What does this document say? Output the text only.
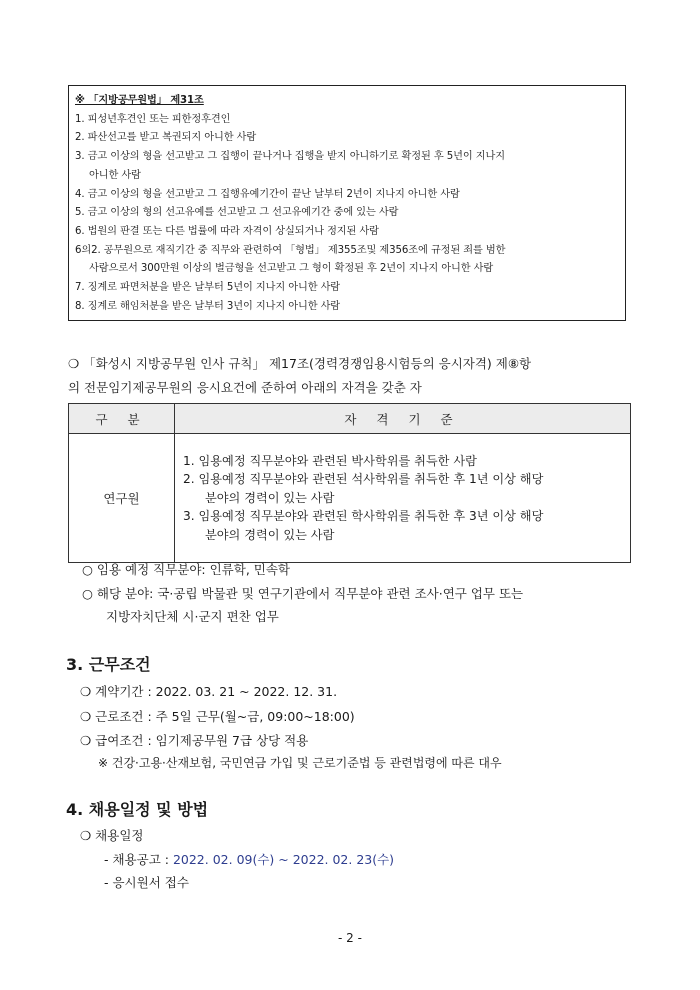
※ 「지방공무원법」 제31조
1. 피성년후견인 또는 피한정후견인
2. 파산선고를 받고 복권되지 아니한 사람
3. 금고 이상의 형을 선고받고 그 집행이 끝나거나 집행을 받지 아니하기로 확정된 후 5년이 지나지
아니한 사람
4. 금고 이상의 형을 선고받고 그 집행유예기간이 끝난 날부터 2년이 지나지 아니한 사람
5. 금고 이상의 형의 선고유예를 선고받고 그 선고유예기간 중에 있는 사람
6. 법원의 판결 또는 다른 법률에 따라 자격이 상실되거나 정지된 사람
6의2. 공무원으로 재직기간 중 직무와 관련하여 「형법」 제355조및 제356조에 규정된 죄를 범한
사람으로서 300만원 이상의 벌금형을 선고받고 그 형이 확정된 후 2년이 지나지 아니한 사람
7. 징계로 파면처분을 받은 날부터 5년이 지나지 아니한 사람
8. 징계로 해임처분을 받은 날부터 3년이 지나지 아니한 사람
❍ 「화성시 지방공무원 인사 규칙」 제17조(경력경쟁임용시험등의 응시자격) 제⑧항
의 전문임기제공무원의 응시요건에 준하여 아래의 자격을 갖춘 자
구 분	자 격 기 준
연구원	1. 임용예정 직무분야와 관련된 박사학위를 취득한 사람
2. 임용예정 직무분야와 관련된 석사학위를 취득한 후 1년 이상 해당
분야의 경력이 있는 사람
3. 임용예정 직무분야와 관련된 학사학위를 취득한 후 3년 이상 해당
분야의 경력이 있는 사람
○ 임용 예정 직무분야: 인류학, 민속학
○ 해당 분야: 국·공립 박물관 및 연구기관에서 직무분야 관련 조사·연구 업무 또는
지방자치단체 시·군지 편찬 업무
3. 근무조건
❍ 계약기간 : 2022. 03. 21 ~ 2022. 12. 31.
❍ 근로조건 : 주 5일 근무(월~금, 09:00~18:00)
❍ 급여조건 : 임기제공무원 7급 상당 적용
※ 건강·고용·산재보험, 국민연금 가입 및 근로기준법 등 관련법령에 따른 대우
4. 채용일정 및 방법
❍ 채용일정
- 채용공고 : 2022. 02. 09(수) ~ 2022. 02. 23(수)
- 응시원서 접수
- 2 -
